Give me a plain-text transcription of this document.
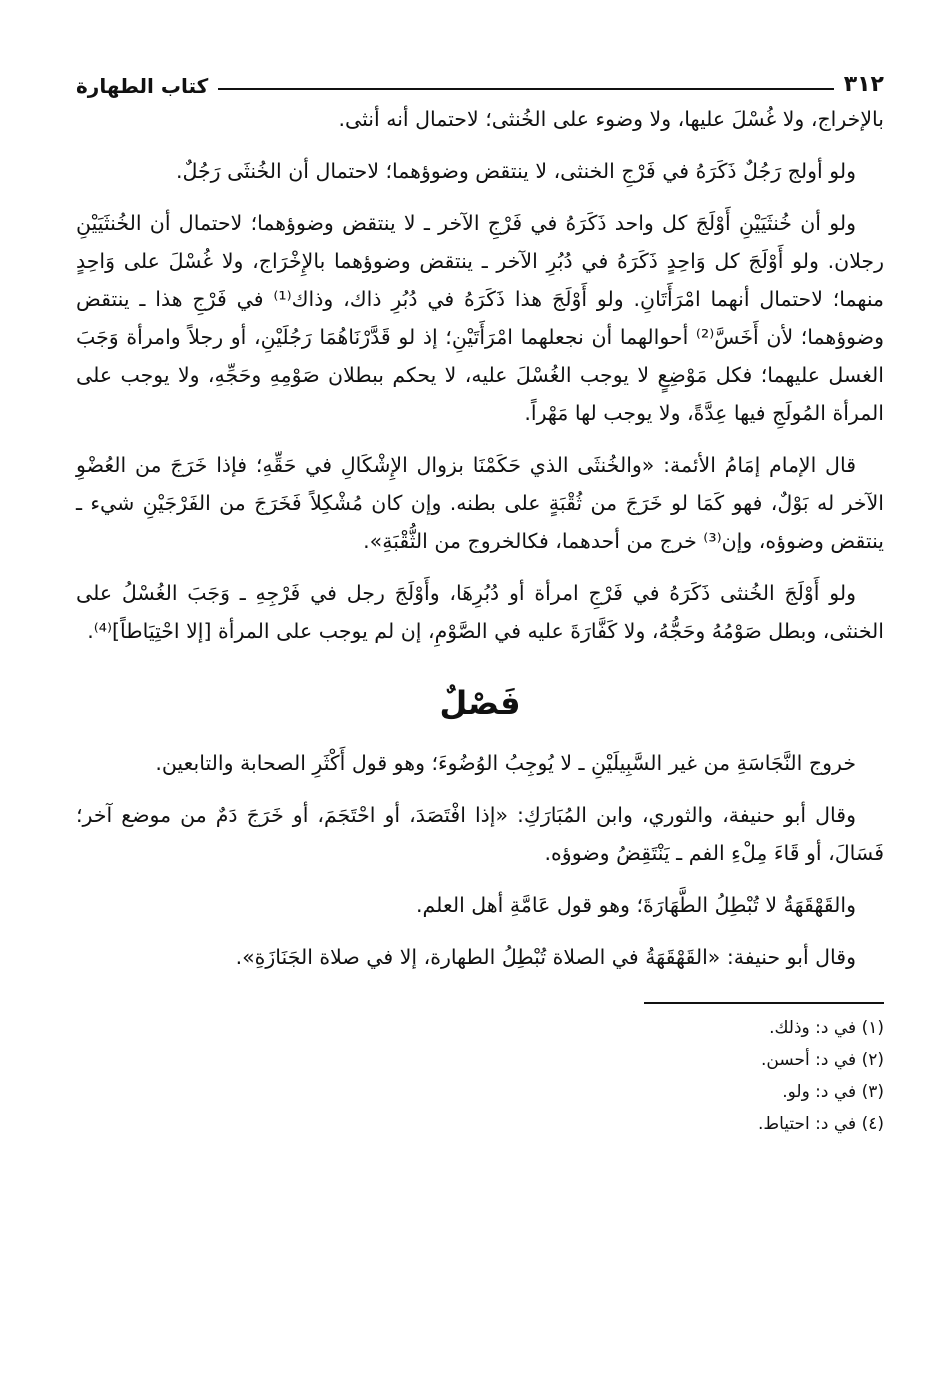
٣١٢
كتاب الطهارة

بالإخراج، ولا غُسْلَ عليها، ولا وضوء على الخُنثى؛ لاحتمال أنه أنثى.

ولو أولج رَجُلٌ ذَكَرَهُ في فَرْجِ الخنثى، لا ينتقض وضوؤهما؛ لاحتمال أن الخُنثَى رَجُلٌ.

ولو أن خُنثَيَيْنِ أَوْلَجَ كل واحد ذَكَرَهُ في فَرْجِ الآخر ـ لا ينتقض وضوؤهما؛ لاحتمال أن الخُنثَيَيْنِ رجلان. ولو أَوْلَجَ كل وَاحِدٍ ذَكَرَهُ في دُبُرِ الآخر ـ ينتقض وضوؤهما بالإِخْرَاج، ولا غُسْلَ على وَاحِدٍ منهما؛ لاحتمال أنهما امْرَأَتَانِ. ولو أَوْلَجَ هذا ذَكَرَهُ في دُبُرِ ذاك، وذاك⁽¹⁾ في فَرْجِ هذا ـ ينتقض وضوؤهما؛ لأن أَخَسَّ⁽²⁾ أحوالهما أن نجعلهما امْرَأَتَيْنِ؛ إذ لو قَدَّرْنَاهُمَا رَجُلَيْنِ، أو رجلاً وامرأة وَجَبَ الغسل عليهما؛ فكل مَوْضِعٍ لا يوجب الغُسْلَ عليه، لا يحكم ببطلان صَوْمِهِ وحَجِّهِ، ولا يوجب على المرأة المُولَجِ فيها عِدَّةً، ولا يوجب لها مَهْراً.

قال الإمام إمَامُ الأئمة: «والخُنثَى الذي حَكَمْنَا بزوال الإِشْكَالِ في حَقِّهِ؛ فإذا خَرَجَ من العُضْوِ الآخر له بَوْلٌ، فهو كَمَا لو خَرَجَ من ثُقْبَةٍ على بطنه. وإن كان مُشْكِلاً فَخَرَجَ من الفَرْجَيْنِ شيء ـ ينتقض وضوؤه، وإن⁽³⁾ خرج من أحدهما، فكالخروج من الثُّقْبَةِ».

ولو أَوْلَجَ الخُنثى ذَكَرَهُ في فَرْجِ امرأة أو دُبُرِهَا، وأَوْلَجَ رجل في فَرْجِهِ ـ وَجَبَ الغُسْلُ على الخنثى، وبطل صَوْمُهُ وحَجُّهُ، ولا كَفَّارَةَ عليه في الصَّوْمِ، إن لم يوجب على المرأة [إلا احْتِيَاطاً]⁽⁴⁾.

فَصْلٌ

خروج النَّجَاسَةِ من غير السَّبِيلَيْنِ ـ لا يُوجِبُ الوُضُوءَ؛ وهو قول أَكْثَرِ الصحابة والتابعين.

وقال أبو حنيفة، والثوري، وابن المُبَارَكِ: «إذا افْتَصَدَ، أو احْتَجَمَ، أو خَرَجَ دَمٌ من موضع آخر؛ فَسَالَ، أو قَاءَ مِلْءِ الفم ـ يَنْتَقِضُ وضوؤه.

والقَهْقَهَةُ لا تُبْطِلُ الطَّهَارَةَ؛ وهو قول عَامَّةِ أهل العلم.

وقال أبو حنيفة: «القَهْقَهَةُ في الصلاة تُبْطِلُ الطهارة، إلا في صلاة الجَنَازَةِ».

(١) في د: وذلك.
(٢) في د: أحسن.
(٣) في د: ولو.
(٤) في د: احتياط.
